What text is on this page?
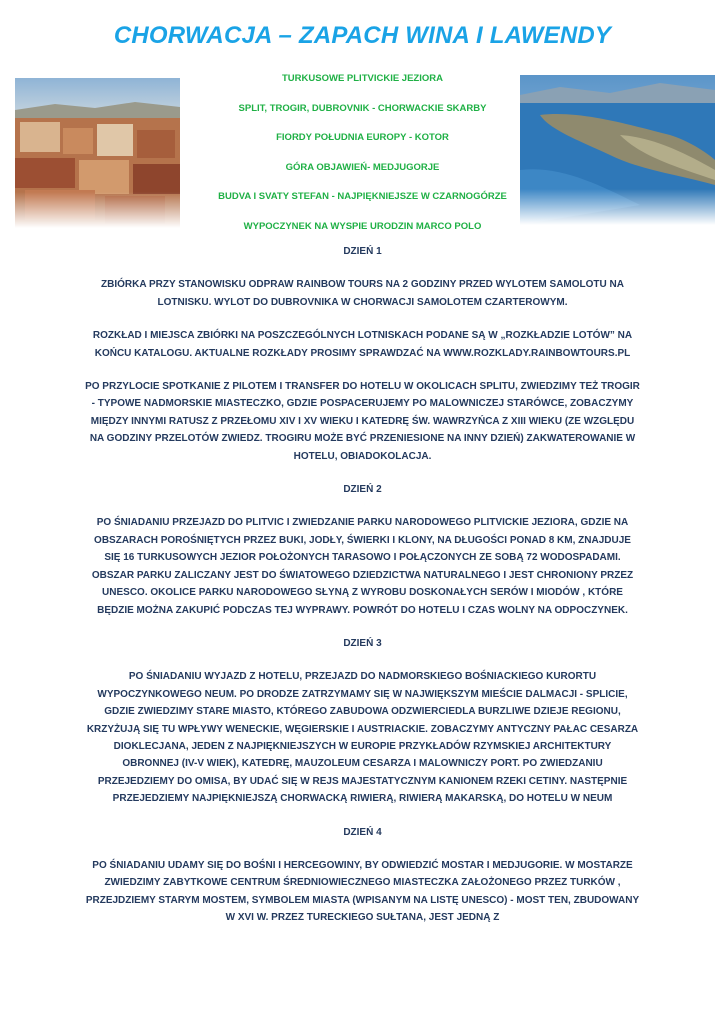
CHORWACJA – ZAPACH WINA I LAWENDY
TURKUSOWE PLITVICKIE JEZIORA
SPLIT, TROGIR, DUBROVNIK - CHORWACKIE SKARBY
FIORDY POŁUDNIA EUROPY - KOTOR
GÓRA OBJAWIEŃ- MEDJUGORJE
BUDVA I SVATY STEFAN - NAJPIĘKNIEJSZE W CZARNOGÓRZE
WYPOCZYNEK NA WYSPIE URODZIN MARCO POLO

DZIEŃ 1

ZBIÓRKA PRZY STANOWISKU ODPRAW RAINBOW TOURS NA 2 GODZINY PRZED WYLOTEM SAMOLOTU NA LOTNISKU. WYLOT DO DUBROVNIKA W CHORWACJI SAMOLOTEM CZARTEROWYM.

ROZKŁAD I MIEJSCA ZBIÓRKI NA POSZCZEGÓLNYCH LOTNISKACH PODANE SĄ W „ROZKŁADZIE LOTÓW” NA KOŃCU KATALOGU. AKTUALNE ROZKŁADY PROSIMY SPRAWDZAĆ NA WWW.ROZKLADY.RAINBOWTOURS.PL

PO PRZYLOCIE SPOTKANIE Z PILOTEM I TRANSFER DO HOTELU W OKOLICACH SPLITU, ZWIEDZIMY TEŻ TROGIR - TYPOWE NADMORSKIE MIASTECZKO, GDZIE POSPACERUJEMY PO MALOWNICZEJ STARÓWCE, ZOBACZYMY MIĘDZY INNYMI RATUSZ Z PRZEŁOMU XIV I XV WIEKU I KATEDRĘ ŚW. WAWRZYŃCA Z XIII WIEKU (ZE WZGLĘDU NA GODZINY PRZELOTÓW ZWIEDZ. TROGIRU MOŻE BYĆ PRZENIESIONE NA INNY DZIEŃ) ZAKWATEROWANIE W HOTELU, OBIADOKOLACJA.

DZIEŃ 2

PO ŚNIADANIU PRZEJAZD DO PLITVIC I ZWIEDZANIE PARKU NARODOWEGO PLITVICKIE JEZIORA, GDZIE NA OBSZARACH POROŚNIĘTYCH PRZEZ BUKI, JODŁY, ŚWIERKI I KLONY, NA DŁUGOŚCI PONAD 8 KM, ZNAJDUJE SIĘ 16 TURKUSOWYCH JEZIOR POŁOŻONYCH TARASOWO I POŁĄCZONYCH ZE SOBĄ 72 WODOSPADAMI. OBSZAR PARKU ZALICZANY JEST DO ŚWIATOWEGO DZIEDZICTWA NATURALNEGO I JEST CHRONIONY PRZEZ UNESCO. OKOLICE PARKU NARODOWEGO SŁYNĄ Z WYROBU DOSKONAŁYCH SERÓW I MIODÓW , KTÓRE BĘDZIE MOŻNA ZAKUPIĆ PODCZAS TEJ WYPRAWY. POWRÓT DO HOTELU I CZAS WOLNY NA ODPOCZYNEK.

DZIEŃ 3

PO ŚNIADANIU WYJAZD Z HOTELU, PRZEJAZD DO NADMORSKIEGO BOŚNIACKIEGO KURORTU WYPOCZYNKOWEGO NEUM. PO DRODZE ZATRZYMAMY SIĘ W NAJWIĘKSZYM MIEŚCIE DALMACJI - SPLICIE, GDZIE ZWIEDZIMY STARE MIASTO, KTÓREGO ZABUDOWA ODZWIERCIEDLA BURZLIWE DZIEJE REGIONU, KRZYŻUJĄ SIĘ TU WPŁYWY WENECKIE, WĘGIERSKIE I AUSTRIACKIE. ZOBACZYMY ANTYCZNY PAŁAC CESARZA DIOKLECJANA, JEDEN Z NAJPIĘKNIEJSZYCH W EUROPIE PRZYKŁADÓW RZYMSKIEJ ARCHITEKTURY OBRONNEJ (IV-V WIEK), KATEDRĘ, MAUZOLEUM CESARZA I MALOWNICZY PORT. PO ZWIEDZANIU PRZEJEDZIEMY DO OMISA, BY UDAĆ SIĘ W REJS MAJESTATYCZNYM KANIONEM RZEKI CETINY. NASTĘPNIE PRZEJEDZIEMY NAJPIĘKNIEJSZĄ CHORWACKĄ RIWIERĄ, RIWIERĄ MAKARSKĄ, DO HOTELU W NEUM

DZIEŃ 4

PO ŚNIADANIU UDAMY SIĘ DO BOŚNI I HERCEGOWINY, BY ODWIEDZIĆ MOSTAR I MEDJUGORIE. W MOSTARZE ZWIEDZIMY ZABYTKOWE CENTRUM ŚREDNIOWIECZNEGO MIASTECZKA ZAŁOŻONEGO PRZEZ TURKÓW , PRZEJDZIEMY STARYM MOSTEM, SYMBOLEM MIASTA (WPISANYM NA LISTĘ UNESCO) - MOST TEN, ZBUDOWANY W XVI W. PRZEZ TURECKIEGO SUŁTANA, JEST JEDNĄ Z
